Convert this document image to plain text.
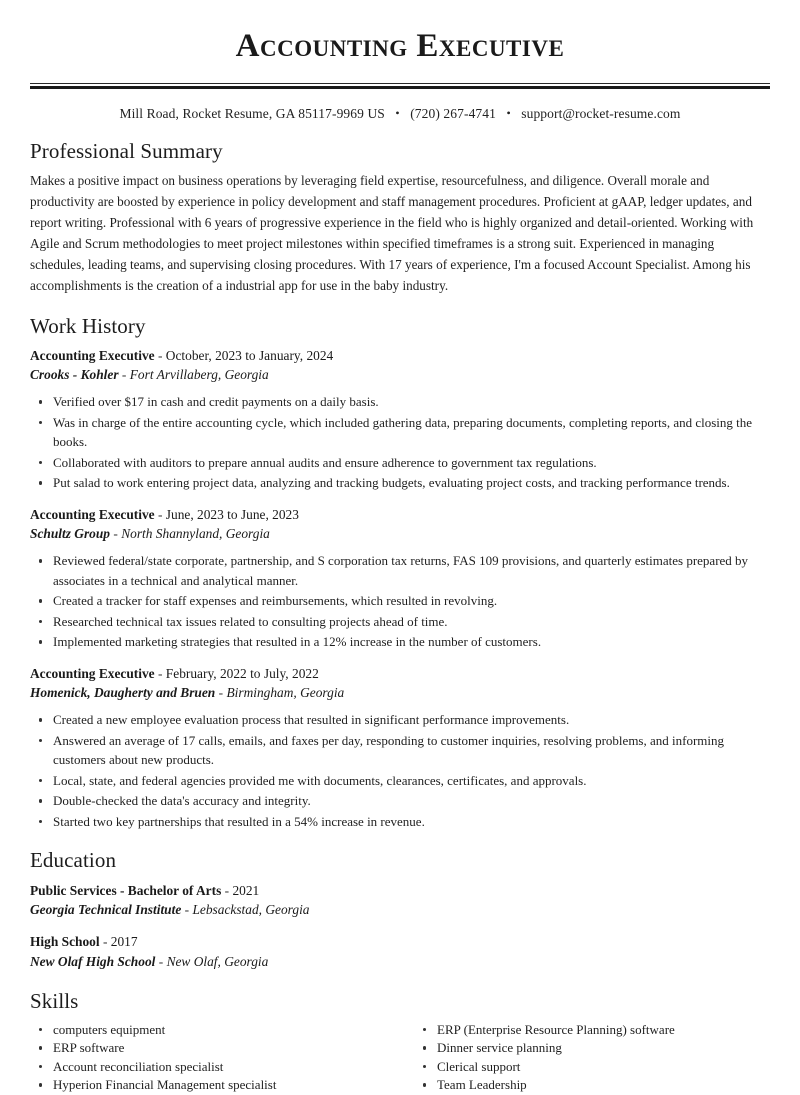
Accounting Executive
Mill Road, Rocket Resume, GA 85117-9969 US • (720) 267-4741 • support@rocket-resume.com
Professional Summary

Makes a positive impact on business operations by leveraging field expertise, resourcefulness, and diligence. Overall morale and productivity are boosted by experience in policy development and staff management procedures. Proficient at gAAP, ledger updates, and report writing. Professional with 6 years of progressive experience in the field who is highly organized and detail-oriented. Working with Agile and Scrum methodologies to meet project milestones within specified timeframes is a strong suit. Experienced in managing schedules, leading teams, and supervising closing procedures. With 17 years of experience, I'm a focused Account Specialist. Among his accomplishments is the creation of a industrial app for use in the baby industry.

Work History
Accounting Executive - October, 2023 to January, 2024
Crooks - Kohler - Fort Arvillaberg, Georgia
Verified over $17 in cash and credit payments on a daily basis.
Was in charge of the entire accounting cycle, which included gathering data, preparing documents, completing reports, and closing the books.
Collaborated with auditors to prepare annual audits and ensure adherence to government tax regulations.
Put salad to work entering project data, analyzing and tracking budgets, evaluating project costs, and tracking performance trends.
Accounting Executive - June, 2023 to June, 2023
Schultz Group - North Shannyland, Georgia
Reviewed federal/state corporate, partnership, and S corporation tax returns, FAS 109 provisions, and quarterly estimates prepared by associates in a technical and analytical manner.
Created a tracker for staff expenses and reimbursements, which resulted in revolving.
Researched technical tax issues related to consulting projects ahead of time.
Implemented marketing strategies that resulted in a 12% increase in the number of customers.
Accounting Executive - February, 2022 to July, 2022
Homenick, Daugherty and Bruen - Birmingham, Georgia
Created a new employee evaluation process that resulted in significant performance improvements.
Answered an average of 17 calls, emails, and faxes per day, responding to customer inquiries, resolving problems, and informing customers about new products.
Local, state, and federal agencies provided me with documents, clearances, certificates, and approvals.
Double-checked the data's accuracy and integrity.
Started two key partnerships that resulted in a 54% increase in revenue.
Education
Public Services - Bachelor of Arts - 2021
Georgia Technical Institute - Lebsackstad, Georgia
High School - 2017
New Olaf High School - New Olaf, Georgia
Skills
computers equipment
ERP software
Account reconciliation specialist
Hyperion Financial Management specialist
ERP (Enterprise Resource Planning) software
Dinner service planning
Clerical support
Team Leadership
